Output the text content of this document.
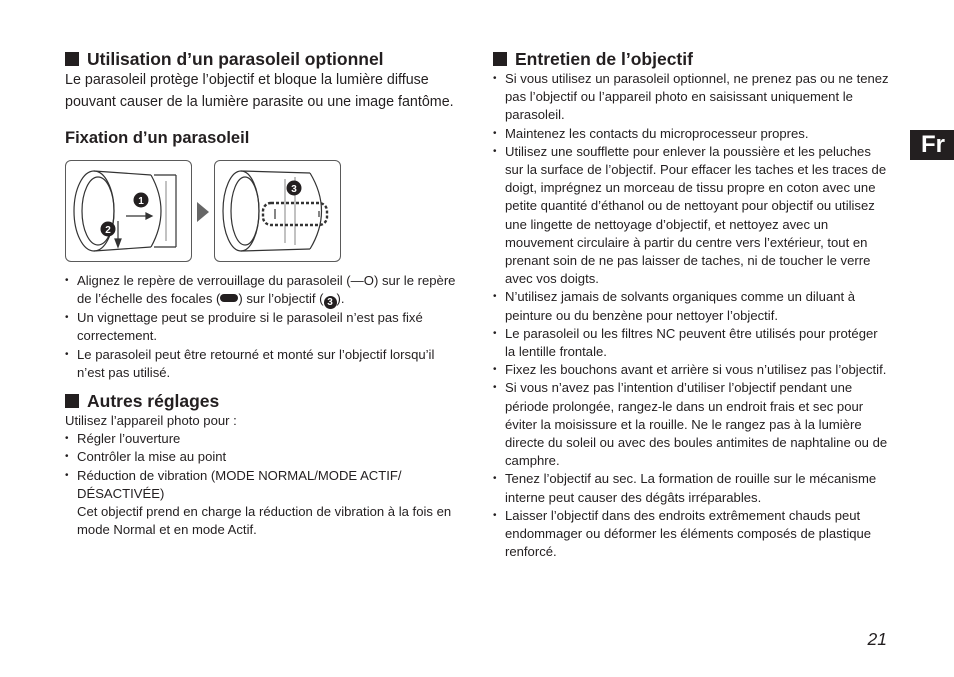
Utilisation d’un parasoleil optionnel

Le parasoleil protège l’objectif et bloque la lumière diffuse pouvant causer de la lumière parasite ou une image fantôme.

Fixation d’un parasoleil
1
2
3
• Alignez le repère de verrouillage du parasoleil (—O) sur le repère de l’échelle des focales ( ) sur l’objectif ( 3 ).
• Un vignettage peut se produire si le parasoleil n’est pas fixé correctement.
• Le parasoleil peut être retourné et monté sur l’objectif lorsqu’il n’est pas utilisé.
Autres réglages

Utilisez l’appareil photo pour :

• Régler l’ouverture
• Contrôler la mise au point
• Réduction de vibration (MODE NORMAL/MODE ACTIF/ DÉSACTIVÉE)

Cet objectif prend en charge la réduction de vibration à la fois en mode Normal et en mode Actif.

Entretien de l’objectif
• Si vous utilisez un parasoleil optionnel, ne prenez pas ou ne tenez pas l’objectif ou l’appareil photo en saisissant uniquement le parasoleil.
• Maintenez les contacts du microprocesseur propres.
• Utilisez une soufflette pour enlever la poussière et les peluches sur la surface de l’objectif. Pour effacer les taches et les traces de doigt, imprégnez un morceau de tissu propre en coton avec une petite quantité d’éthanol ou de nettoyant pour objectif ou utilisez une lingette de nettoyage d’objectif, et nettoyez avec un mouvement circulaire à partir du centre vers l’extérieur, tout en prenant soin de ne pas laisser de taches, ni de toucher le verre avec vos doigts.
• N’utilisez jamais de solvants organiques comme un diluant à peinture ou du benzène pour nettoyer l’objectif.
• Le parasoleil ou les filtres NC peuvent être utilisés pour protéger la lentille frontale.
• Fixez les bouchons avant et arrière si vous n’utilisez pas l’objectif.
• Si vous n’avez pas l’intention d’utiliser l’objectif pendant une période prolongée, rangez-le dans un endroit frais et sec pour éviter la moisissure et la rouille. Ne le rangez pas à la lumière directe du soleil ou avec des boules antimites de naphtaline ou de camphre.
• Tenez l’objectif au sec. La formation de rouille sur le mécanisme interne peut causer des dégâts irréparables.
• Laisser l’objectif dans des endroits extrêmement chauds peut endommager ou déformer les éléments composés de plastique renforcé.
Fr
21
